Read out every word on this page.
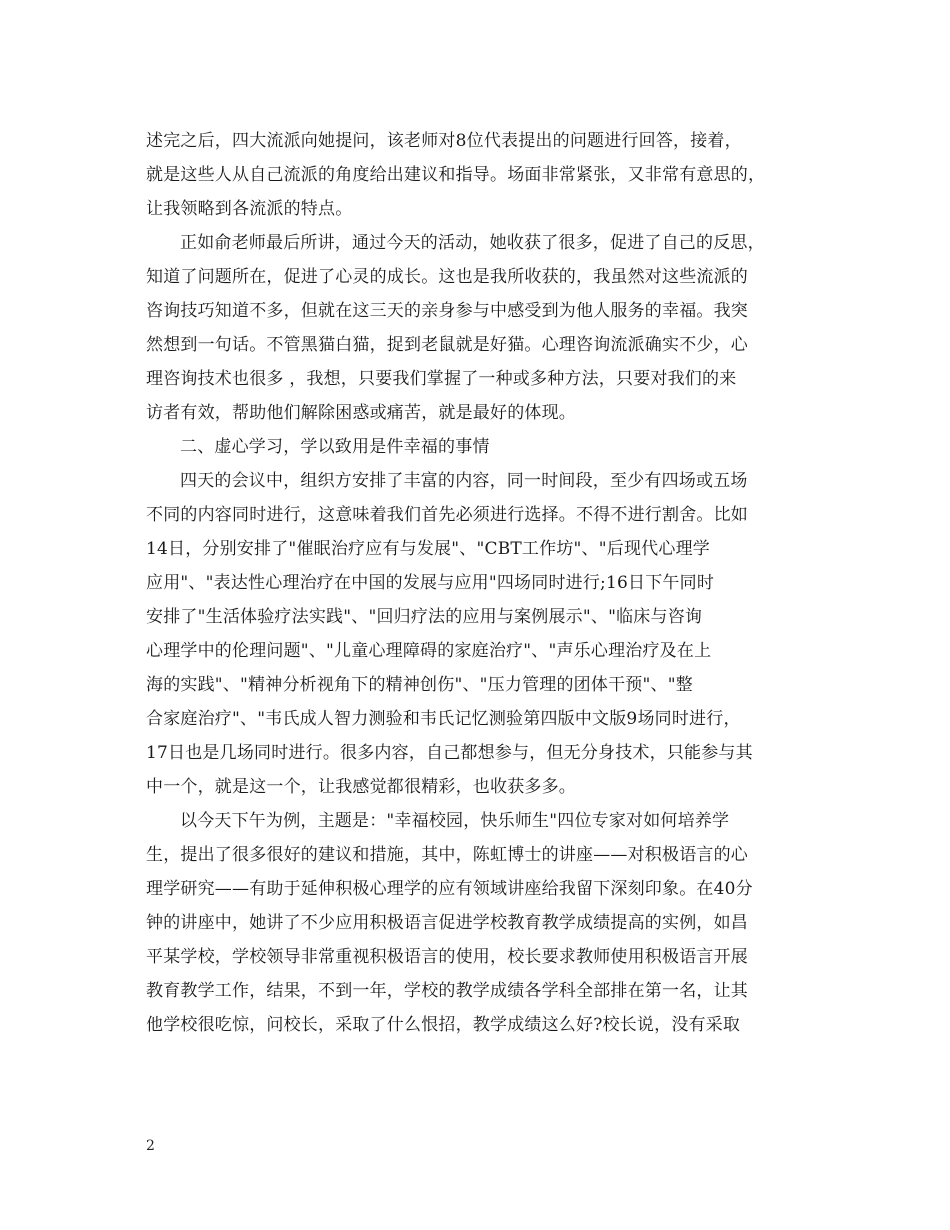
述完之后，四大流派向她提问，该老师对8位代表提出的问题进行回答，接着，
就是这些人从自己流派的角度给出建议和指导。场面非常紧张，又非常有意思的，
让我领略到各流派的特点。
正如俞老师最后所讲，通过今天的活动，她收获了很多，促进了自己的反思，
知道了问题所在，促进了心灵的成长。这也是我所收获的，我虽然对这些流派的
咨询技巧知道不多，但就在这三天的亲身参与中感受到为他人服务的幸福。我突
然想到一句话。不管黑猫白猫，捉到老鼠就是好猫。心理咨询流派确实不少，心
理咨询技术也很多 ，我想，只要我们掌握了一种或多种方法，只要对我们的来
访者有效，帮助他们解除困惑或痛苦，就是最好的体现。
二、虚心学习，学以致用是件幸福的事情
四天的会议中，组织方安排了丰富的内容，同一时间段，至少有四场或五场
不同的内容同时进行，这意味着我们首先必须进行选择。不得不进行割舍。比如
14日，分别安排了"催眠治疗应有与发展"、"CBT工作坊"、"后现代心理学
应用"、"表达性心理治疗在中国的发展与应用"四场同时进行;16日下午同时
安排了"生活体验疗法实践"、"回归疗法的应用与案例展示"、"临床与咨询
心理学中的伦理问题"、"儿童心理障碍的家庭治疗"、"声乐心理治疗及在上
海的实践"、"精神分析视角下的精神创伤"、"压力管理的团体干预"、"整
合家庭治疗"、"韦氏成人智力测验和韦氏记忆测验第四版中文版9场同时进行，
17日也是几场同时进行。很多内容，自己都想参与，但无分身技术，只能参与其
中一个，就是这一个，让我感觉都很精彩，也收获多多。
以今天下午为例，主题是："幸福校园，快乐师生"四位专家对如何培养学
生，提出了很多很好的建议和措施，其中，陈虹博士的讲座——对积极语言的心
理学研究——有助于延伸积极心理学的应有领域讲座给我留下深刻印象。在40分
钟的讲座中，她讲了不少应用积极语言促进学校教育教学成绩提高的实例，如昌
平某学校，学校领导非常重视积极语言的使用，校长要求教师使用积极语言开展
教育教学工作，结果，不到一年，学校的教学成绩各学科全部排在第一名，让其
他学校很吃惊，问校长，采取了什么恨招，教学成绩这么好?校长说，没有采取
2
